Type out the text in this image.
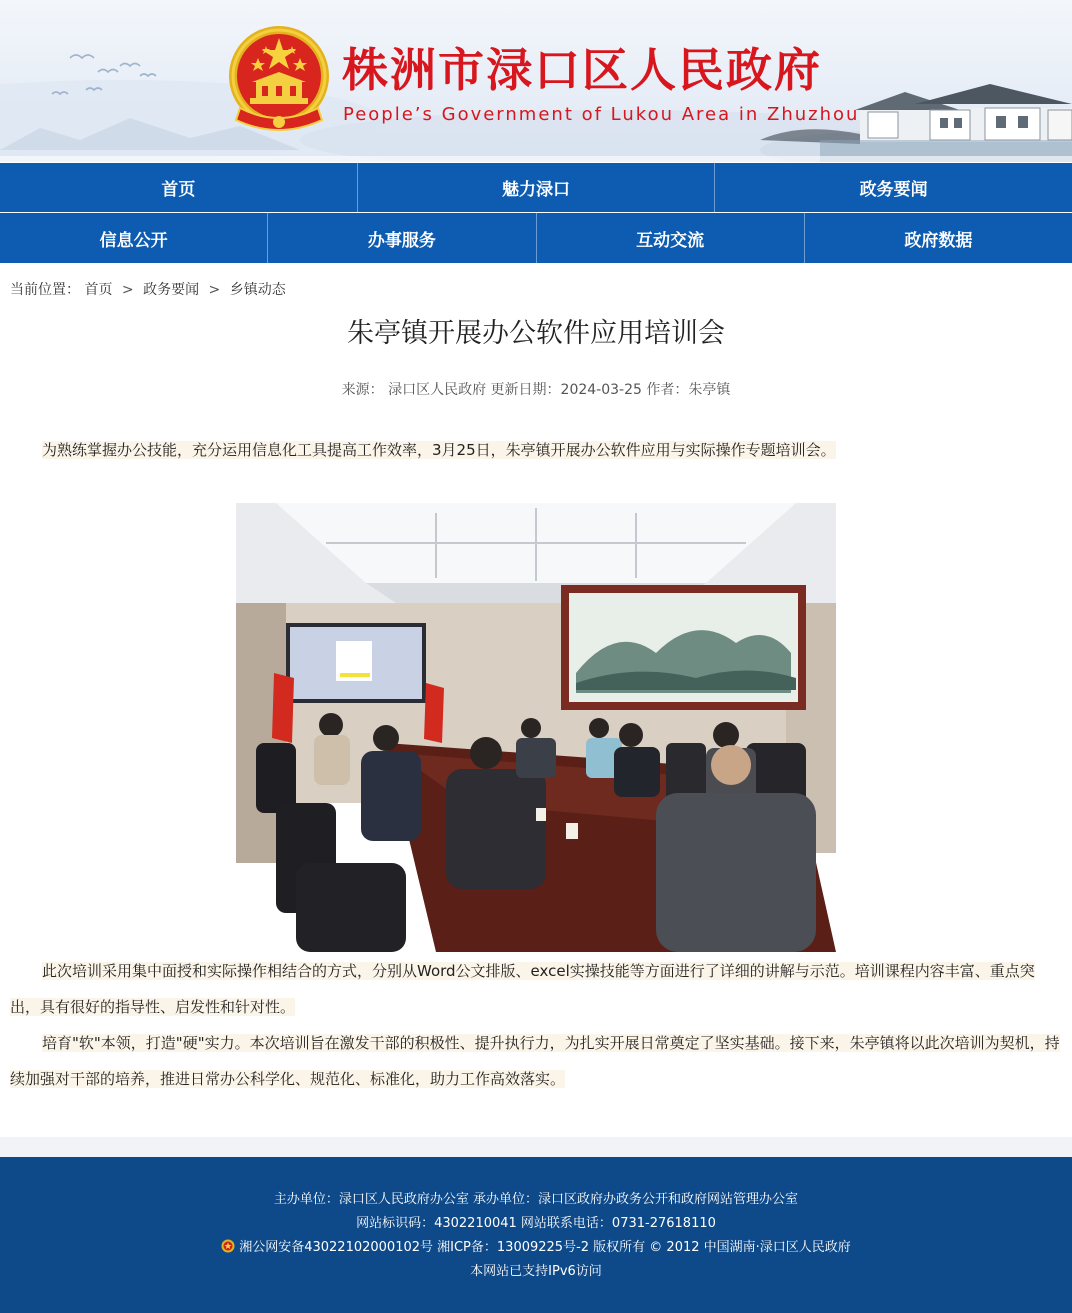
株洲市渌口区人民政府
People’s Government of Lukou Area in Zhuzhou
首页	魅力渌口	政务要闻
信息公开	办事服务	互动交流	政府数据
当前位置： 首页 > 政务要闻 > 乡镇动态
朱亭镇开展办公软件应用培训会
来源： 渌口区人民政府 更新日期：2024-03-25 作者：朱亭镇

为熟练掌握办公技能，充分运用信息化工具提高工作效率，3月25日，朱亭镇开展办公软件应用与实际操作专题培训会。

此次培训采用集中面授和实际操作相结合的方式，分别从Word公文排版、excel实操技能等方面进行了详细的讲解与示范。培训课程内容丰富、重点突出，具有很好的指导性、启发性和针对性。

培育"软"本领，打造"硬"实力。本次培训旨在激发干部的积极性、提升执行力，为扎实开展日常奠定了坚实基础。接下来，朱亭镇将以此次培训为契机，持续加强对干部的培养，推进日常办公科学化、规范化、标准化，助力工作高效落实。

主办单位：渌口区人民政府办公室 承办单位：渌口区政府办政务公开和政府网站管理办公室
网站标识码：4302210041 网站联系电话：0731-27618110
湘公网安备43022102000102号 湘ICP备：13009225号-2 版权所有 © 2012 中国湖南·渌口区人民政府
本网站已支持IPv6访问
